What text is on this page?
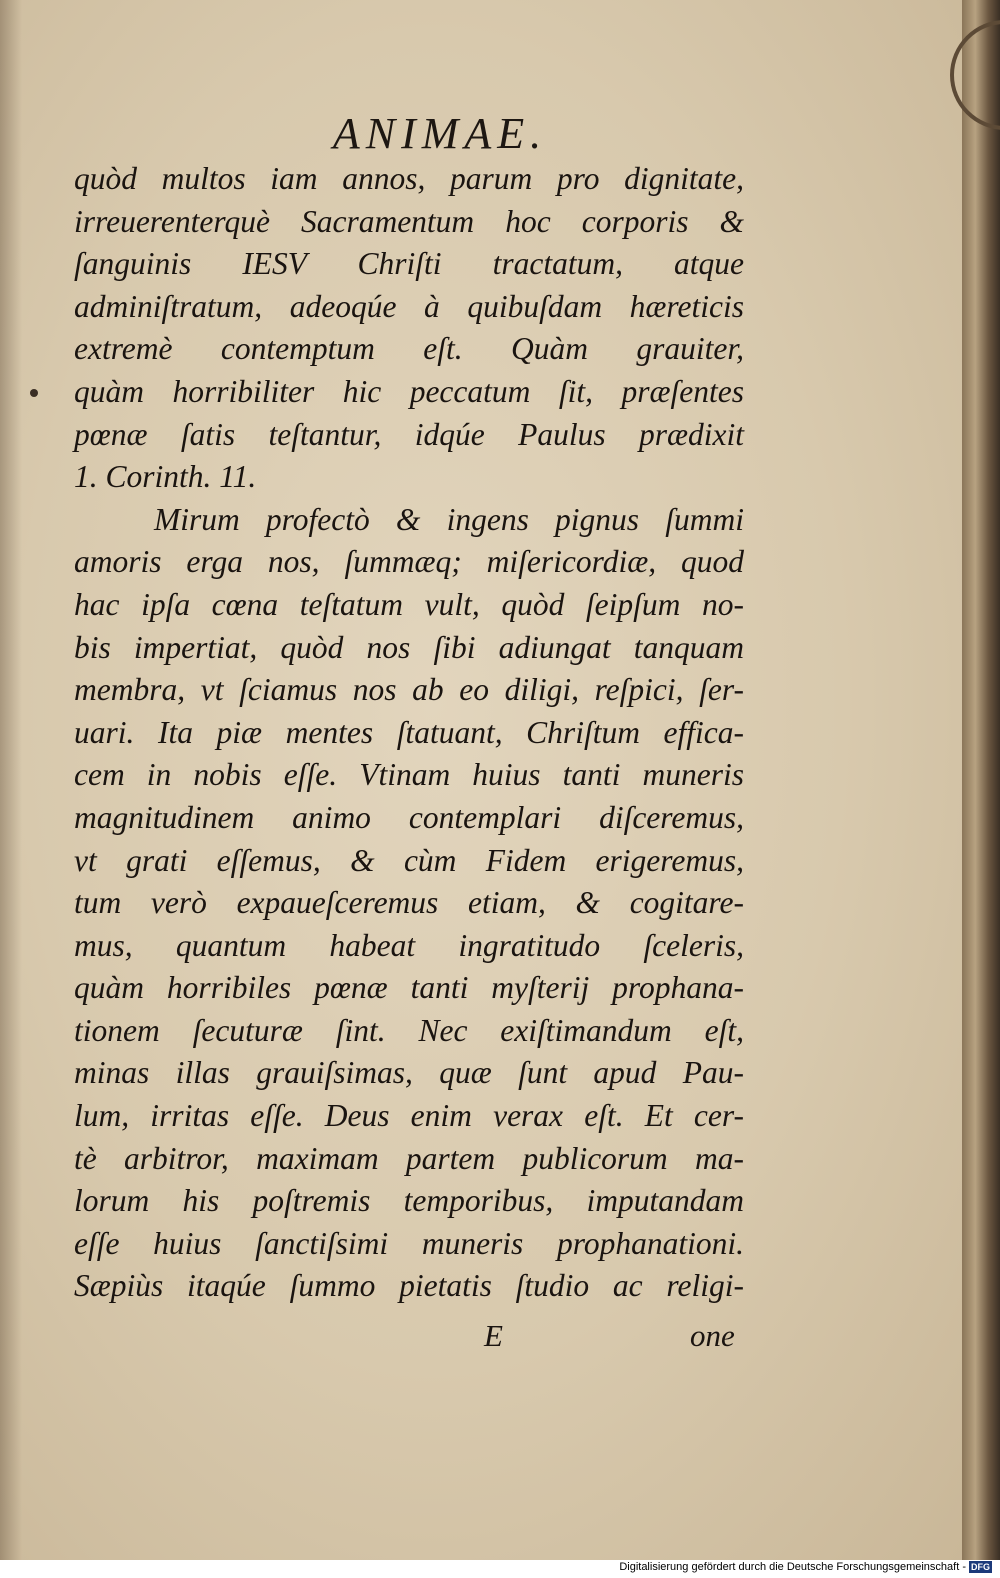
ANIMAE.
quòd multos iam annos, parum pro dignitate,
irreuerenterquè Sacramentum hoc corporis &
ſanguinis IESV Chriſti tractatum, atque
adminiſtratum, adeoqúe à quibuſdam hæreticis
extremè contemptum eſt. Quàm grauiter,
quàm horribiliter hic peccatum ſit, præſentes
pœnæ ſatis teſtantur, idqúe Paulus prædixit
1. Corinth. 11.
Mirum profectò & ingens pignus ſummi
amoris erga nos, ſummæq; miſericordiæ, quod
hac ipſa cœna teſtatum vult, quòd ſeipſum no-
bis impertiat, quòd nos ſibi adiungat tanquam
membra, vt ſciamus nos ab eo diligi, reſpici, ſer-
uari. Ita piæ mentes ſtatuant, Chriſtum effica-
cem in nobis eſſe. Vtinam huius tanti muneris
magnitudinem animo contemplari diſceremus,
vt grati eſſemus, & cùm Fidem erigeremus,
tum verò expaueſceremus etiam, & cogitare-
mus, quantum habeat ingratitudo ſceleris,
quàm horribiles pœnæ tanti myſterij prophana-
tionem ſecuturæ ſint. Nec exiſtimandum eſt,
minas illas grauiſsimas, quæ ſunt apud Pau-
lum, irritas eſſe. Deus enim verax eſt. Et cer-
tè arbitror, maximam partem publicorum ma-
lorum his poſtremis temporibus, imputandam
eſſe huius ſanctiſsimi muneris prophanationi.
Sæpiùs itaqúe ſummo pietatis ſtudio ac religi-
E	one
Digitalisierung gefördert durch die Deutsche Forschungsgemeinschaft - DFG
